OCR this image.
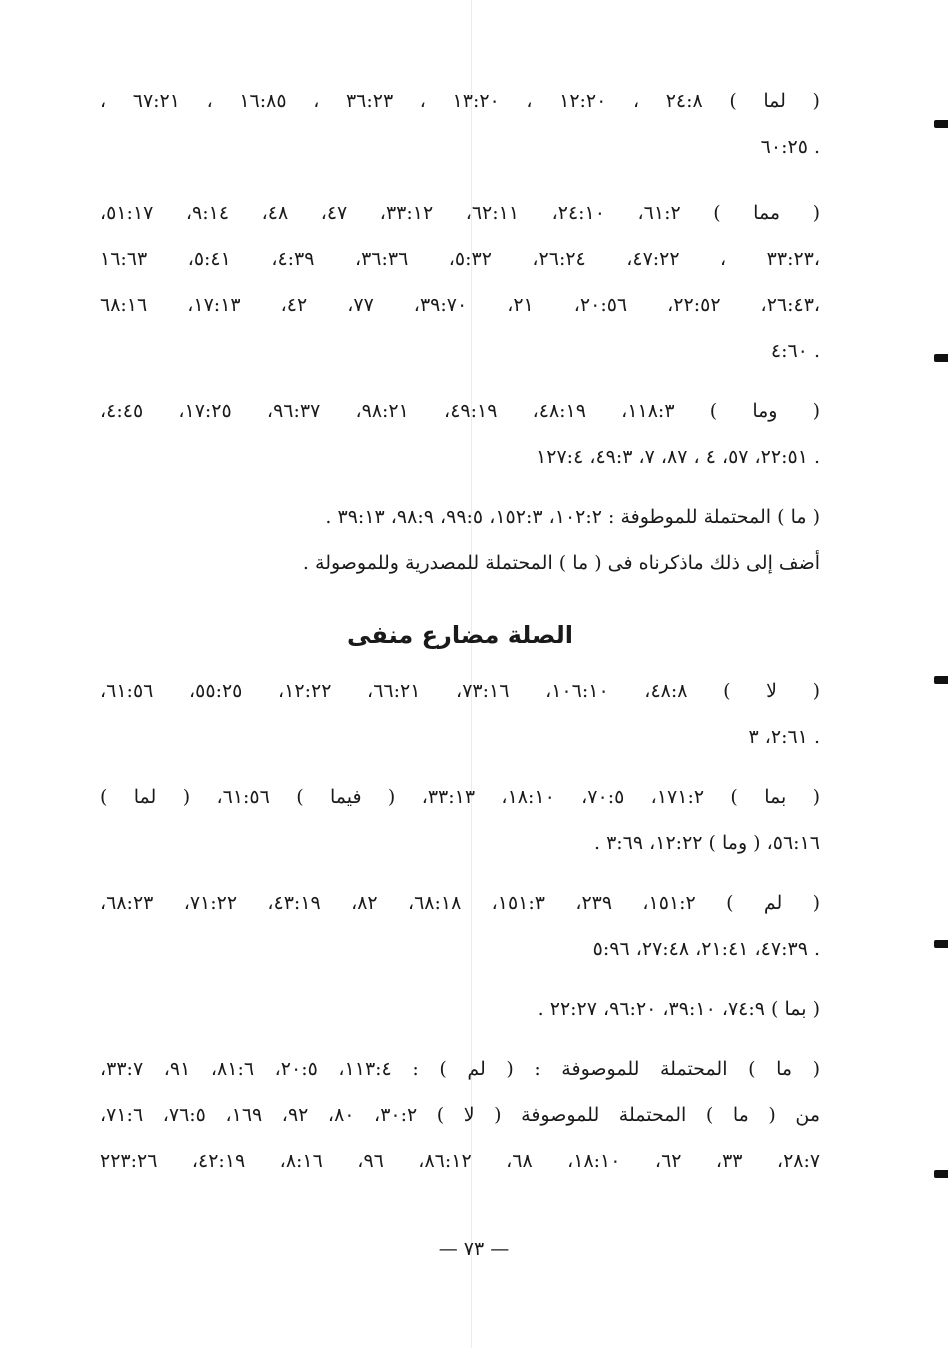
( لما ) ٢٤:٨ ، ١٢:٢٠ ، ١٣:٢٠ ، ٣٦:٢٣ ، ١٦:٨٥ ، ٦٧:٢١ ،
٦٠:٢٥ .
( مما ) ٦١:٢، ٢٤:١٠، ٦٢:١١، ٣٣:١٢، ٤٧، ٤٨، ٩:١٤، ٥١:١٧،
٣٣:٢٣ ، ٤٧:٢٢، ٢٦:٢٤، ٥:٣٢، ٣٦:٣٦، ٤:٣٩، ٥:٤١، ١٦:٦٣،
٢٦:٤٣، ٢٢:٥٢، ٢٠:٥٦، ٢١، ٣٩:٧٠، ٧٧، ٤٢، ١٧:١٣، ٦٨:١٦،
٤:٦٠ .
( وما ) ١١٨:٣، ٤٨:١٩، ٤٩:١٩، ٩٨:٢١، ٩٦:٣٧، ١٧:٢٥، ٤:٤٥،
٢٢:٥١، ٥٧، ٤ ، ٨٧، ٧، ٤٩:٣، ١٢٧:٤ .
( ما ) المحتملة للموطوفة : ١٠٢:٢، ١٥٢:٣، ٩٩:٥، ٩٨:٩، ٣٩:١٣ .
أضف إلى ذلك ماذكرناه فى ( ما ) المحتملة للمصدرية وللموصولة .
الصلة مضارع منفى
( لا ) ٤٨:٨، ١٠٦:١٠، ٧٣:١٦، ٦٦:٢١، ١٢:٢٢، ٥٥:٢٥، ٦١:٥٦،
٢:٦١، ٣ .
( بما ) ١٧١:٢، ٧٠:٥، ١٨:١٠، ٣٣:١٣، ( فيما ) ٦١:٥٦، ( لما )
٥٦:١٦، ( وما ) ١٢:٢٢، ٣:٦٩ .
( لم ) ١٥١:٢، ٢٣٩، ١٥١:٣، ٦٨:١٨، ٨٢، ٤٣:١٩، ٧١:٢٢، ٦٨:٢٣،
٤٧:٣٩، ٢١:٤١، ٢٧:٤٨، ٥:٩٦ .
( بما ) ٧٤:٩، ٣٩:١٠، ٩٦:٢٠، ٢٢:٢٧ .
( ما ) المحتملة للموصوفة : ( لم ) : ١١٣:٤، ٢٠:٥، ٨١:٦، ٩١، ٣٣:٧،
من ( ما ) المحتملة للموصوفة ( لا ) ٣٠:٢، ٨٠، ٩٢، ١٦٩، ٧٦:٥، ٧١:٦،
٢٨:٧، ٣٣، ٦٢، ١٨:١٠، ٦٨، ٨٦:١٢، ٩٦، ٨:١٦، ٤٢:١٩، ٢٢٣:٢٦
— ٧٣ —
